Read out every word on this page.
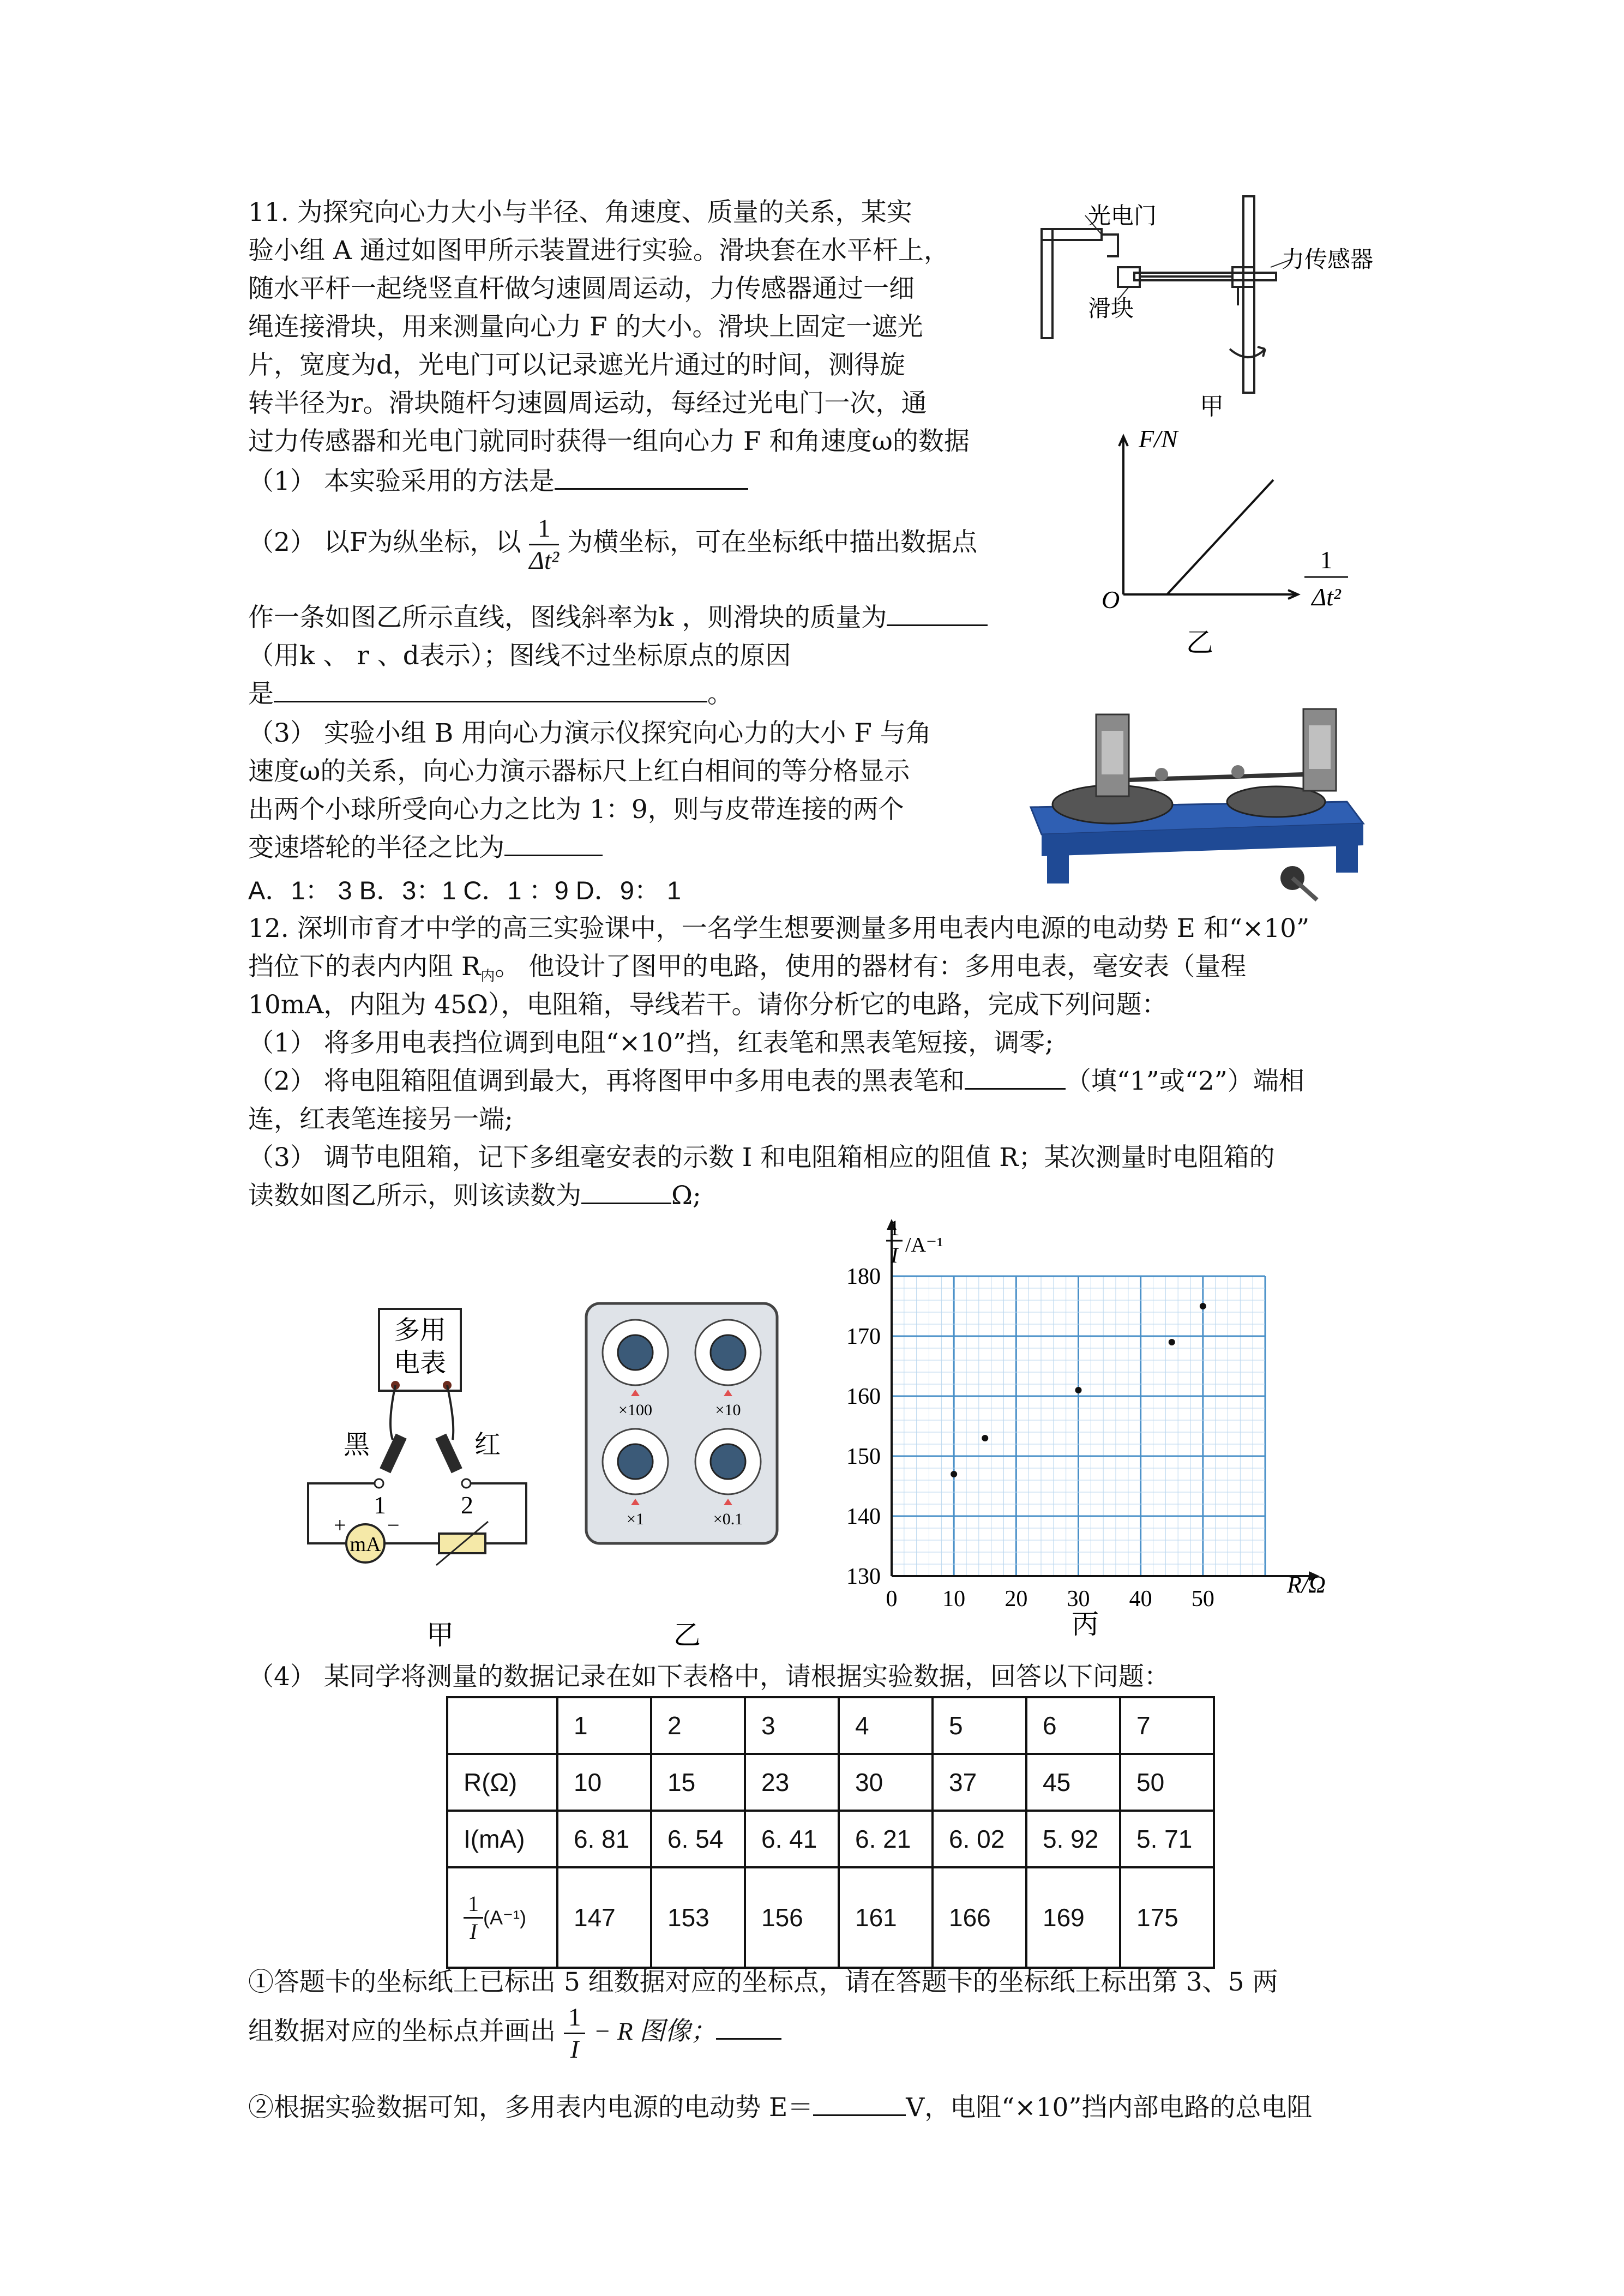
11. 为探究向心力大小与半径、角速度、质量的关系，某实
验小组 A 通过如图甲所示装置进行实验。滑块套在水平杆上，
随水平杆一起绕竖直杆做匀速圆周运动，力传感器通过一细
绳连接滑块，用来测量向心力 F 的大小。滑块上固定一遮光
片，宽度为d，光电门可以记录遮光片通过的时间，测得旋
转半径为r。滑块随杆匀速圆周运动，每经过光电门一次，通
过力传感器和光电门就同时获得一组向心力 F 和角速度ω的数据
（1） 本实验采用的方法是
（2） 以F为纵坐标，以 $\frac{1}{\text{Δt²}}$ 为横坐标，可在坐标纸中描出数据点
作一条如图乙所示直线，图线斜率为k ，则滑块的质量为
（用k 、 r 、d表示）；图线不过坐标原点的原因
是	。
（3） 实验小组 B 用向心力演示仪探究向心力的大小 F 与角
速度ω的关系，向心力演示器标尺上红白相间的等分格显示
出两个小球所受向心力之比为 1：9，则与皮带连接的两个
变速塔轮的半径之比为
A．1： 3 B．3：1 C．1 ：9 D．9： 1
光电门
力传感器
滑块
甲
F/N
O
1
Δt²
乙
12. 深圳市育才中学的高三实验课中，一名学生想要测量多用电表内电源的电动势 E 和“×10”
挡位下的表内内阻 $R_内$。 他设计了图甲的电路，使用的器材有：多用电表，毫安表（量程
10mA，内阻为 45Ω），电阻箱，导线若干。请你分析它的电路，完成下列问题：
（1） 将多用电表挡位调到电阻“×10”挡，红表笔和黑表笔短接，调零;
（2） 将电阻箱阻值调到最大，再将图甲中多用电表的黑表笔和	（填“1”或“2”）端相
连，红表笔连接另一端;
（3） 调节电阻箱，记下多组毫安表的示数 I 和电阻箱相应的阻值 R；某次测量时电阻箱的
读数如图乙所示，则该读数为	Ω;
多用
电表
黑	红
1	2
mA
+ −
甲
×100	×10
×1	×0.1
乙
0 10 20 30 40 50
130
140
150
160
170
180
1
I /A⁻¹
R/Ω
丙
（4） 某同学将测量的数据记录在如下表格中，请根据实验数据，回答以下问题：
	1	2	3	4	5	6	7
R(Ω)	10	15	23	30	37	45	50
I(mA)	6. 81	6. 54	6. 41	6. 21	6. 02	5. 92	5. 71

$\frac{1}{I} (A^{-1})$	147	153	156	161	166	169	175
①答题卡的坐标纸上已标出 5 组数据对应的坐标点，请在答题卡的坐标纸上标出第 3、5 两
组数据对应的坐标点并画出 $\frac{1}{I} - R$ 图像；
②根据实验数据可知，多用表内电源的电动势 E＝	V，电阻“×10”挡内部电路的总电阻
